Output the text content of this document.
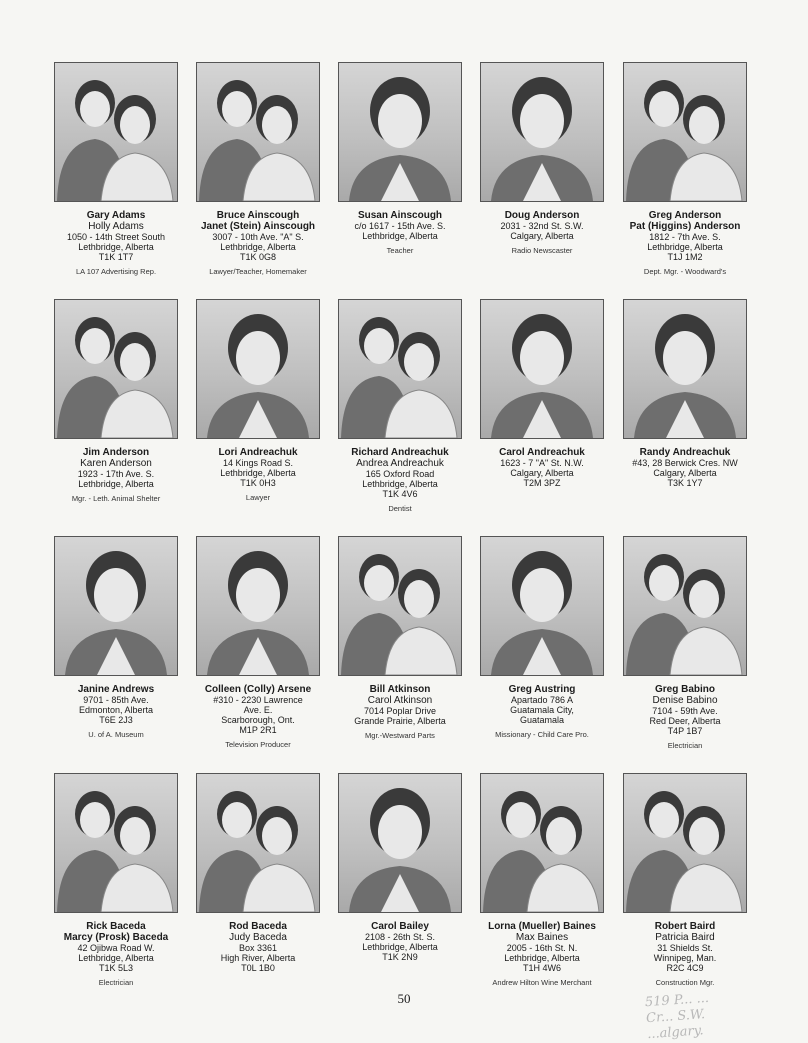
Gary Adams
Holly Adams
1050 - 14th Street South
Lethbridge, Alberta
T1K 1T7
LA 107 Advertising Rep.
Bruce Ainscough
Janet (Stein) Ainscough
3007 - 10th Ave. "A" S.
Lethbridge, Alberta
T1K 0G8
Lawyer/Teacher, Homemaker
Susan Ainscough
c/o 1617 - 15th Ave. S.
Lethbridge, Alberta
Teacher
Doug Anderson
2031 - 32nd St. S.W.
Calgary, Alberta
Radio Newscaster
Greg Anderson
Pat (Higgins) Anderson
1812 - 7th Ave. S.
Lethbridge, Alberta
T1J 1M2
Dept. Mgr. - Woodward's
Jim Anderson
Karen Anderson
1923 - 17th Ave. S.
Lethbridge, Alberta
Mgr. - Leth. Animal Shelter
Lori Andreachuk
14 Kings Road S.
Lethbridge, Alberta
T1K 0H3
Lawyer
Richard Andreachuk
Andrea Andreachuk
165 Oxford Road
Lethbridge, Alberta
T1K 4V6
Dentist
Carol Andreachuk
1623 - 7 "A" St. N.W.
Calgary, Alberta
T2M 3PZ

Randy Andreachuk
#43, 28 Berwick Cres. NW
Calgary, Alberta
T3K 1Y7

Janine Andrews
9701 - 85th Ave.
Edmonton, Alberta
T6E 2J3
U. of A. Museum
Colleen (Colly) Arsene
#310 - 2230 Lawrence
Ave. E.
Scarborough, Ont.
M1P 2R1
Television Producer
Bill Atkinson
Carol Atkinson
7014 Poplar Drive
Grande Prairie, Alberta
Mgr.-Westward Parts
Greg Austring
Apartado 786 A
Guatamala City,
Guatamala
Missionary - Child Care Pro.
Greg Babino
Denise Babino
7104 - 59th Ave.
Red Deer, Alberta
T4P 1B7
Electrician
Rick Baceda
Marcy (Prosk) Baceda
42 Ojibwa Road W.
Lethbridge, Alberta
T1K 5L3
Electrician
Rod Baceda
Judy Baceda
Box 3361
High River, Alberta
T0L 1B0

Carol Bailey
2108 - 26th St. S.
Lethbridge, Alberta
T1K 2N9

Lorna (Mueller) Baines
Max Baines
2005 - 16th St. N.
Lethbridge, Alberta
T1H 4W6
Andrew Hilton Wine Merchant
Robert Baird
Patricia Baird
31 Shields St.
Winnipeg, Man.
R2C 4C9
Construction Mgr.
50	519 P... ...
Cr... S.W.
...algary.
